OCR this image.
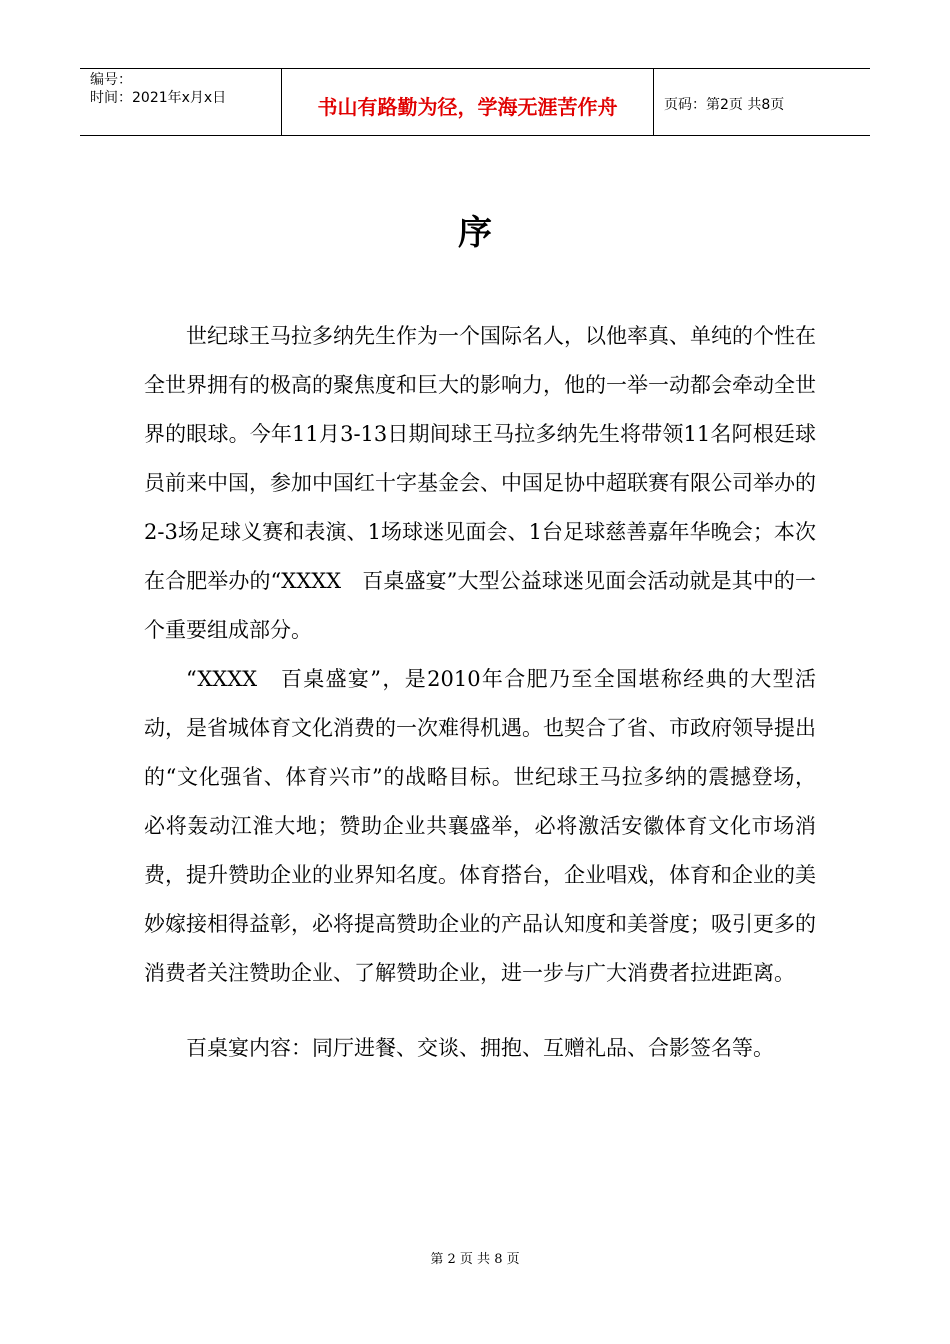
编号：
时间：2021年x月x日	书山有路勤为径，学海无涯苦作舟	页码：第2页 共8页
序

世纪球王马拉多纳先生作为一个国际名人，以他率真、单纯的个性在全世界拥有的极高的聚焦度和巨大的影响力，他的一举一动都会牵动全世界的眼球。今年11月3-13日期间球王马拉多纳先生将带领11名阿根廷球员前来中国，参加中国红十字基金会、中国足协中超联赛有限公司举办的2-3场足球义赛和表演、1场球迷见面会、1台足球慈善嘉年华晚会；本次在合肥举办的“XXXX　百桌盛宴”大型公益球迷见面会活动就是其中的一个重要组成部分。

“XXXX　百桌盛宴”，是2010年合肥乃至全国堪称经典的大型活动，是省城体育文化消费的一次难得机遇。也契合了省、市政府领导提出的“文化强省、体育兴市”的战略目标。世纪球王马拉多纳的震撼登场，必将轰动江淮大地；赞助企业共襄盛举，必将激活安徽体育文化市场消费，提升赞助企业的业界知名度。体育搭台，企业唱戏，体育和企业的美妙嫁接相得益彰，必将提高赞助企业的产品认知度和美誉度；吸引更多的消费者关注赞助企业、了解赞助企业，进一步与广大消费者拉进距离。

百桌宴内容：同厅进餐、交谈、拥抱、互赠礼品、合影签名等。

第 2 页 共 8 页
